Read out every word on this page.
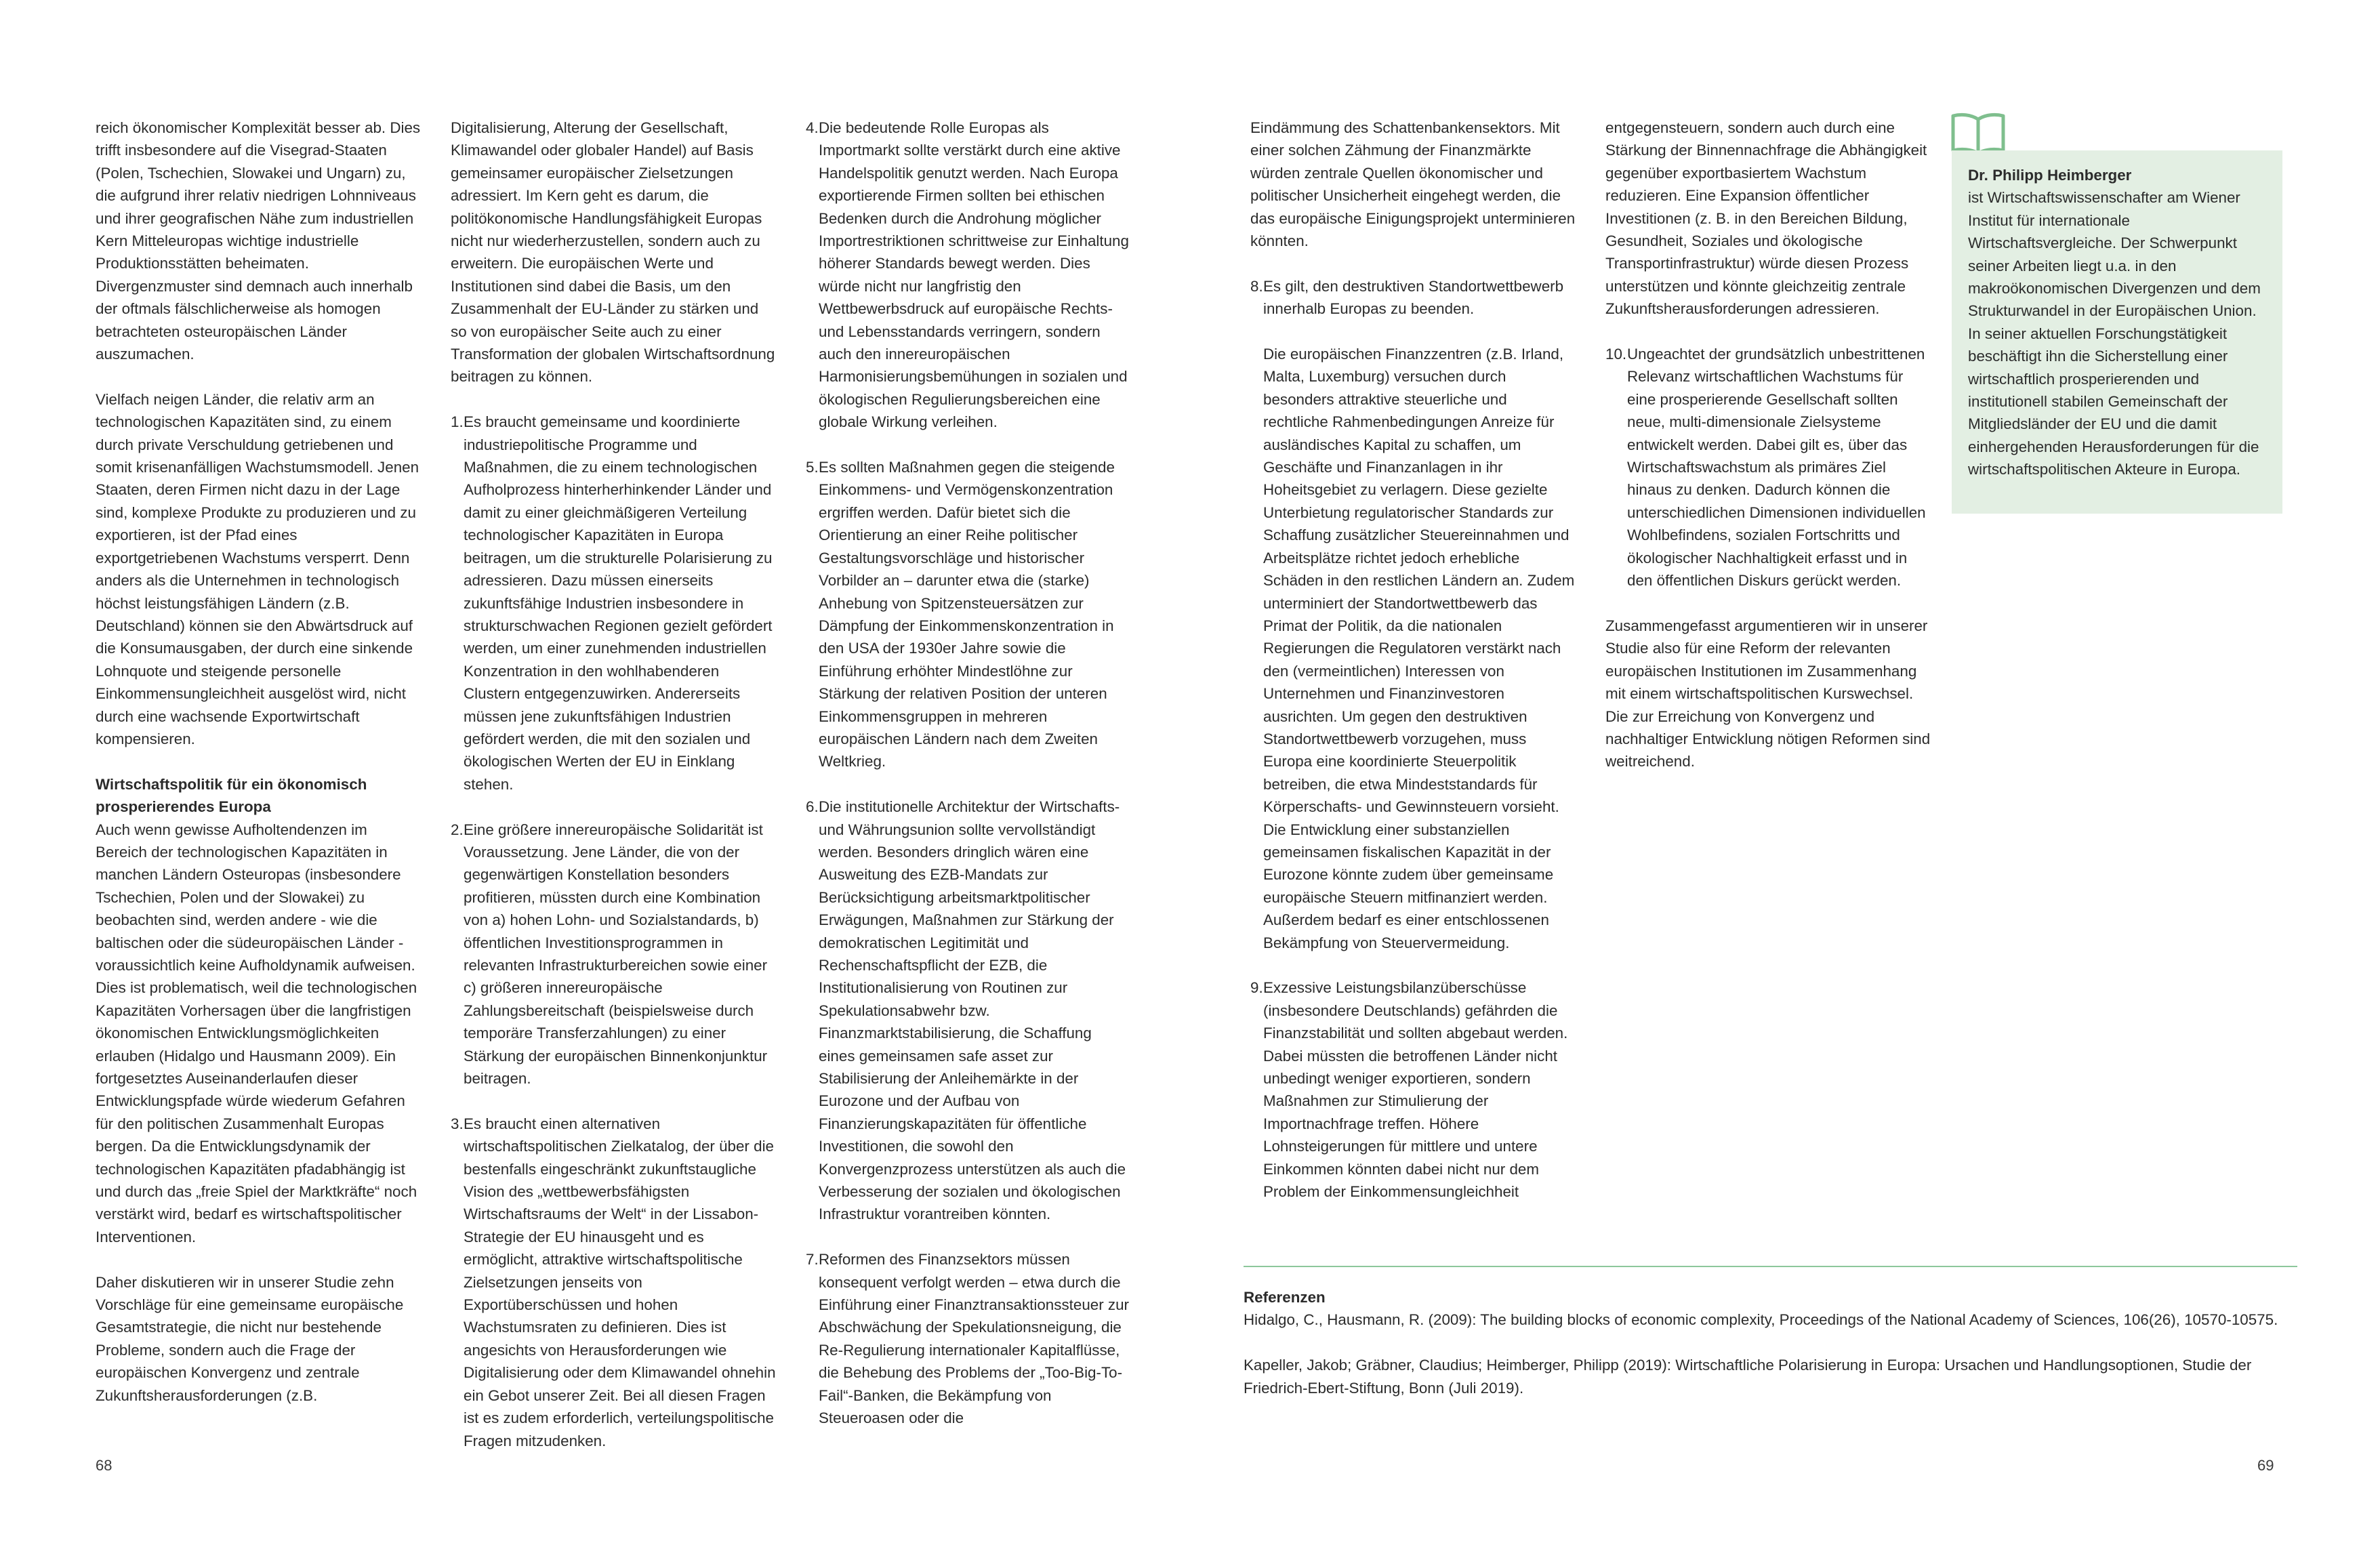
reich ökonomischer Komplexität besser ab. Dies trifft insbesondere auf die Visegrad-Staaten (Polen, Tschechien, Slowakei und Ungarn) zu, die aufgrund ihrer relativ niedrigen Lohnniveaus und ihrer geografischen Nähe zum industriellen Kern Mitteleuropas wichtige industrielle Produktionsstätten beheimaten. Divergenzmuster sind demnach auch innerhalb der oftmals fälschlicherweise als homogen betrachteten osteuropäischen Länder auszumachen.

Vielfach neigen Länder, die relativ arm an technologischen Kapazitäten sind, zu einem durch private Verschuldung getriebenen und somit krisenanfälligen Wachstumsmodell. Jenen Staaten, deren Firmen nicht dazu in der Lage sind, komplexe Produkte zu produzieren und zu exportieren, ist der Pfad eines exportgetriebenen Wachstums versperrt. Denn anders als die Unternehmen in technologisch höchst leistungsfähigen Ländern (z.B. Deutschland) können sie den Abwärtsdruck auf die Konsumausgaben, der durch eine sinkende Lohnquote und steigende personelle Einkommensungleichheit ausgelöst wird, nicht durch eine wachsende Exportwirtschaft kompensieren.

Wirtschaftspolitik für ein ökonomisch prosperierendes Europa
Auch wenn gewisse Aufholtendenzen im Bereich der technologischen Kapazitäten in manchen Ländern Osteuropas (insbesondere Tschechien, Polen und der Slowakei) zu beobachten sind, werden andere - wie die baltischen oder die südeuropäischen Länder - voraussichtlich keine Aufholdynamik aufweisen. Dies ist problematisch, weil die technologischen Kapazitäten Vorhersagen über die langfristigen ökonomischen Entwicklungsmöglichkeiten erlauben (Hidalgo und Hausmann 2009). Ein fortgesetztes Auseinanderlaufen dieser Entwicklungspfade würde wiederum Gefahren für den politischen Zusammenhalt Europas bergen. Da die Entwicklungsdynamik der technologischen Kapazitäten pfadabhängig ist und durch das „freie Spiel der Marktkräfte“ noch verstärkt wird, bedarf es wirtschaftspolitischer Interventionen.

Daher diskutieren wir in unserer Studie zehn Vorschläge für eine gemeinsame europäische Gesamtstrategie, die nicht nur bestehende Probleme, sondern auch die Frage der europäischen Konvergenz und zentrale Zukunftsherausforderungen (z.B.

Digitalisierung, Alterung der Gesellschaft, Klimawandel oder globaler Handel) auf Basis gemeinsamer europäischer Zielsetzungen adressiert. Im Kern geht es darum, die politökonomische Handlungsfähigkeit Europas nicht nur wiederherzustellen, sondern auch zu erweitern. Die europäischen Werte und Institutionen sind dabei die Basis, um den Zusammenhalt der EU-Länder zu stärken und so von europäischer Seite auch zu einer Transformation der globalen Wirtschaftsordnung beitragen zu können.

1. Es braucht gemeinsame und koordinierte industriepolitische Programme und Maßnahmen, die zu einem technologischen Aufholprozess hinterherhinkender Länder und damit zu einer gleichmäßigeren Verteilung technologischer Kapazitäten in Europa beitragen, um die strukturelle Polarisierung zu adressieren. Dazu müssen einerseits zukunftsfähige Industrien insbesondere in strukturschwachen Regionen gezielt gefördert werden, um einer zunehmenden industriellen Konzentration in den wohlhabenderen Clustern entgegenzuwirken. Andererseits müssen jene zukunftsfähigen Industrien gefördert werden, die mit den sozialen und ökologischen Werten der EU in Einklang stehen.
2. Eine größere innereuropäische Solidarität ist Voraussetzung. Jene Länder, die von der gegenwärtigen Konstellation besonders profitieren, müssten durch eine Kombination von a) hohen Lohn- und Sozialstandards, b) öffentlichen Investitionsprogrammen in relevanten Infrastrukturbereichen sowie einer c) größeren innereuropäische Zahlungsbereitschaft (beispielsweise durch temporäre Transferzahlungen) zu einer Stärkung der europäischen Binnenkonjunktur beitragen.
3. Es braucht einen alternativen wirtschaftspolitischen Zielkatalog, der über die bestenfalls eingeschränkt zukunftstaugliche Vision des „wettbewerbsfähigsten Wirtschaftsraums der Welt“ in der Lissabon-Strategie der EU hinausgeht und es ermöglicht, attraktive wirtschaftspolitische Zielsetzungen jenseits von Exportüberschüssen und hohen Wachstumsraten zu definieren. Dies ist angesichts von Herausforderungen wie Digitalisierung oder dem Klimawandel ohnehin ein Gebot unserer Zeit. Bei all diesen Fragen ist es zudem erforderlich, verteilungspolitische Fragen mitzudenken.
4. Die bedeutende Rolle Europas als Importmarkt sollte verstärkt durch eine aktive Handelspolitik genutzt werden. Nach Europa exportierende Firmen sollten bei ethischen Bedenken durch die Androhung möglicher Importrestriktionen schrittweise zur Einhaltung höherer Standards bewegt werden. Dies würde nicht nur langfristig den Wettbewerbsdruck auf europäische Rechts- und Lebensstandards verringern, sondern auch den innereuropäischen Harmonisierungsbemühungen in sozialen und ökologischen Regulierungsbereichen eine globale Wirkung verleihen.
5. Es sollten Maßnahmen gegen die steigende Einkommens- und Vermögenskonzentration ergriffen werden. Dafür bietet sich die Orientierung an einer Reihe politischer Gestaltungsvorschläge und historischer Vorbilder an – darunter etwa die (starke) Anhebung von Spitzensteuersätzen zur Dämpfung der Einkommenskonzentration in den USA der 1930er Jahre sowie die Einführung erhöhter Mindestlöhne zur Stärkung der relativen Position der unteren Einkommensgruppen in mehreren europäischen Ländern nach dem Zweiten Weltkrieg.
6. Die institutionelle Architektur der Wirtschafts- und Währungsunion sollte vervollständigt werden. Besonders dringlich wären eine Ausweitung des EZB-Mandats zur Berücksichtigung arbeitsmarktpolitischer Erwägungen, Maßnahmen zur Stärkung der demokratischen Legitimität und Rechenschaftspflicht der EZB, die Institutionalisierung von Routinen zur Spekulationsabwehr bzw. Finanzmarktstabilisierung, die Schaffung eines gemeinsamen safe asset zur Stabilisierung der Anleihemärkte in der Eurozone und der Aufbau von Finanzierungskapazitäten für öffentliche Investitionen, die sowohl den Konvergenzprozess unterstützen als auch die Verbesserung der sozialen und ökologischen Infrastruktur vorantreiben könnten.
7. Reformen des Finanzsektors müssen konsequent verfolgt werden – etwa durch die Einführung einer Finanztransaktionssteuer zur Abschwächung der Spekulationsneigung, die Re-Regulierung internationaler Kapitalflüsse, die Behebung des Problems der „Too-Big-To-Fail“-Banken, die Bekämpfung von Steueroasen oder die
68

Eindämmung des Schattenbankensektors. Mit einer solchen Zähmung der Finanzmärkte würden zentrale Quellen ökonomischer und politischer Unsicherheit eingehegt werden, die das europäische Einigungsprojekt unterminieren könnten.

8. Es gilt, den destruktiven Standortwettbewerb innerhalb Europas zu beenden.
Die europäischen Finanzzentren (z.B. Irland, Malta, Luxemburg) versuchen durch besonders attraktive steuerliche und rechtliche Rahmenbedingungen Anreize für ausländisches Kapital zu schaffen, um Geschäfte und Finanzanlagen in ihr Hoheitsgebiet zu verlagern. Diese gezielte Unterbietung regulatorischer Standards zur Schaffung zusätzlicher Steuereinnahmen und Arbeitsplätze richtet jedoch erhebliche Schäden in den restlichen Ländern an. Zudem unterminiert der Standortwettbewerb das Primat der Politik, da die nationalen Regierungen die Regulatoren verstärkt nach den (vermeintlichen) Interessen von Unternehmen und Finanzinvestoren ausrichten. Um gegen den destruktiven Standortwettbewerb vorzugehen, muss Europa eine koordinierte Steuerpolitik betreiben, die etwa Mindeststandards für Körperschafts- und Gewinnsteuern vorsieht. Die Entwicklung einer substanziellen gemeinsamen fiskalischen Kapazität in der Eurozone könnte zudem über gemeinsame europäische Steuern mitfinanziert werden. Außerdem bedarf es einer entschlossenen Bekämpfung von Steuervermeidung.
9. Exzessive Leistungsbilanzüberschüsse (insbesondere Deutschlands) gefährden die Finanzstabilität und sollten abgebaut werden. Dabei müssten die betroffenen Länder nicht unbedingt weniger exportieren, sondern Maßnahmen zur Stimulierung der Importnachfrage treffen. Höhere Lohnsteigerungen für mittlere und untere Einkommen könnten dabei nicht nur dem Problem der Einkommensungleichheit

entgegensteuern, sondern auch durch eine Stärkung der Binnennachfrage die Abhängigkeit gegenüber exportbasiertem Wachstum reduzieren. Eine Expansion öffentlicher Investitionen (z. B. in den Bereichen Bildung, Gesundheit, Soziales und ökologische Transportinfrastruktur) würde diesen Prozess unterstützen und könnte gleichzeitig zentrale Zukunftsherausforderungen adressieren.

10. Ungeachtet der grundsätzlich unbestrittenen Relevanz wirtschaftlichen Wachstums für eine prosperierende Gesellschaft sollten neue, multi-dimensionale Zielsysteme entwickelt werden. Dabei gilt es, über das Wirtschaftswachstum als primäres Ziel hinaus zu denken. Dadurch können die unterschiedlichen Dimensionen individuellen Wohlbefindens, sozialen Fortschritts und ökologischer Nachhaltigkeit erfasst und in den öffentlichen Diskurs gerückt werden.

Zusammengefasst argumentieren wir in unserer Studie also für eine Reform der relevanten europäischen Institutionen im Zusammenhang mit einem wirtschaftspolitischen Kurswechsel. Die zur Erreichung von Konvergenz und nachhaltiger Entwicklung nötigen Reformen sind weitreichend.

Dr. Philipp Heimberger
ist Wirtschaftswissenschafter am Wiener Institut für internationale Wirtschaftsvergleiche. Der Schwerpunkt seiner Arbeiten liegt u.a. in den makroökonomischen Divergenzen und dem Strukturwandel in der Europäischen Union. In seiner aktuellen Forschungstätigkeit beschäftigt ihn die Sicherstellung einer wirtschaftlich prosperierenden und institutionell stabilen Gemeinschaft der Mitgliedsländer der EU und die damit einhergehenden Herausforderungen für die wirtschaftspolitischen Akteure in Europa.

Referenzen
Hidalgo, C., Hausmann, R. (2009): The building blocks of economic complexity, Proceedings of the National Academy of Sciences, 106(26), 10570-10575.

Kapeller, Jakob; Gräbner, Claudius; Heimberger, Philipp (2019): Wirtschaftliche Polarisierung in Europa: Ursachen und Handlungsoptionen, Studie der Friedrich-Ebert-Stiftung, Bonn (Juli 2019).

69
